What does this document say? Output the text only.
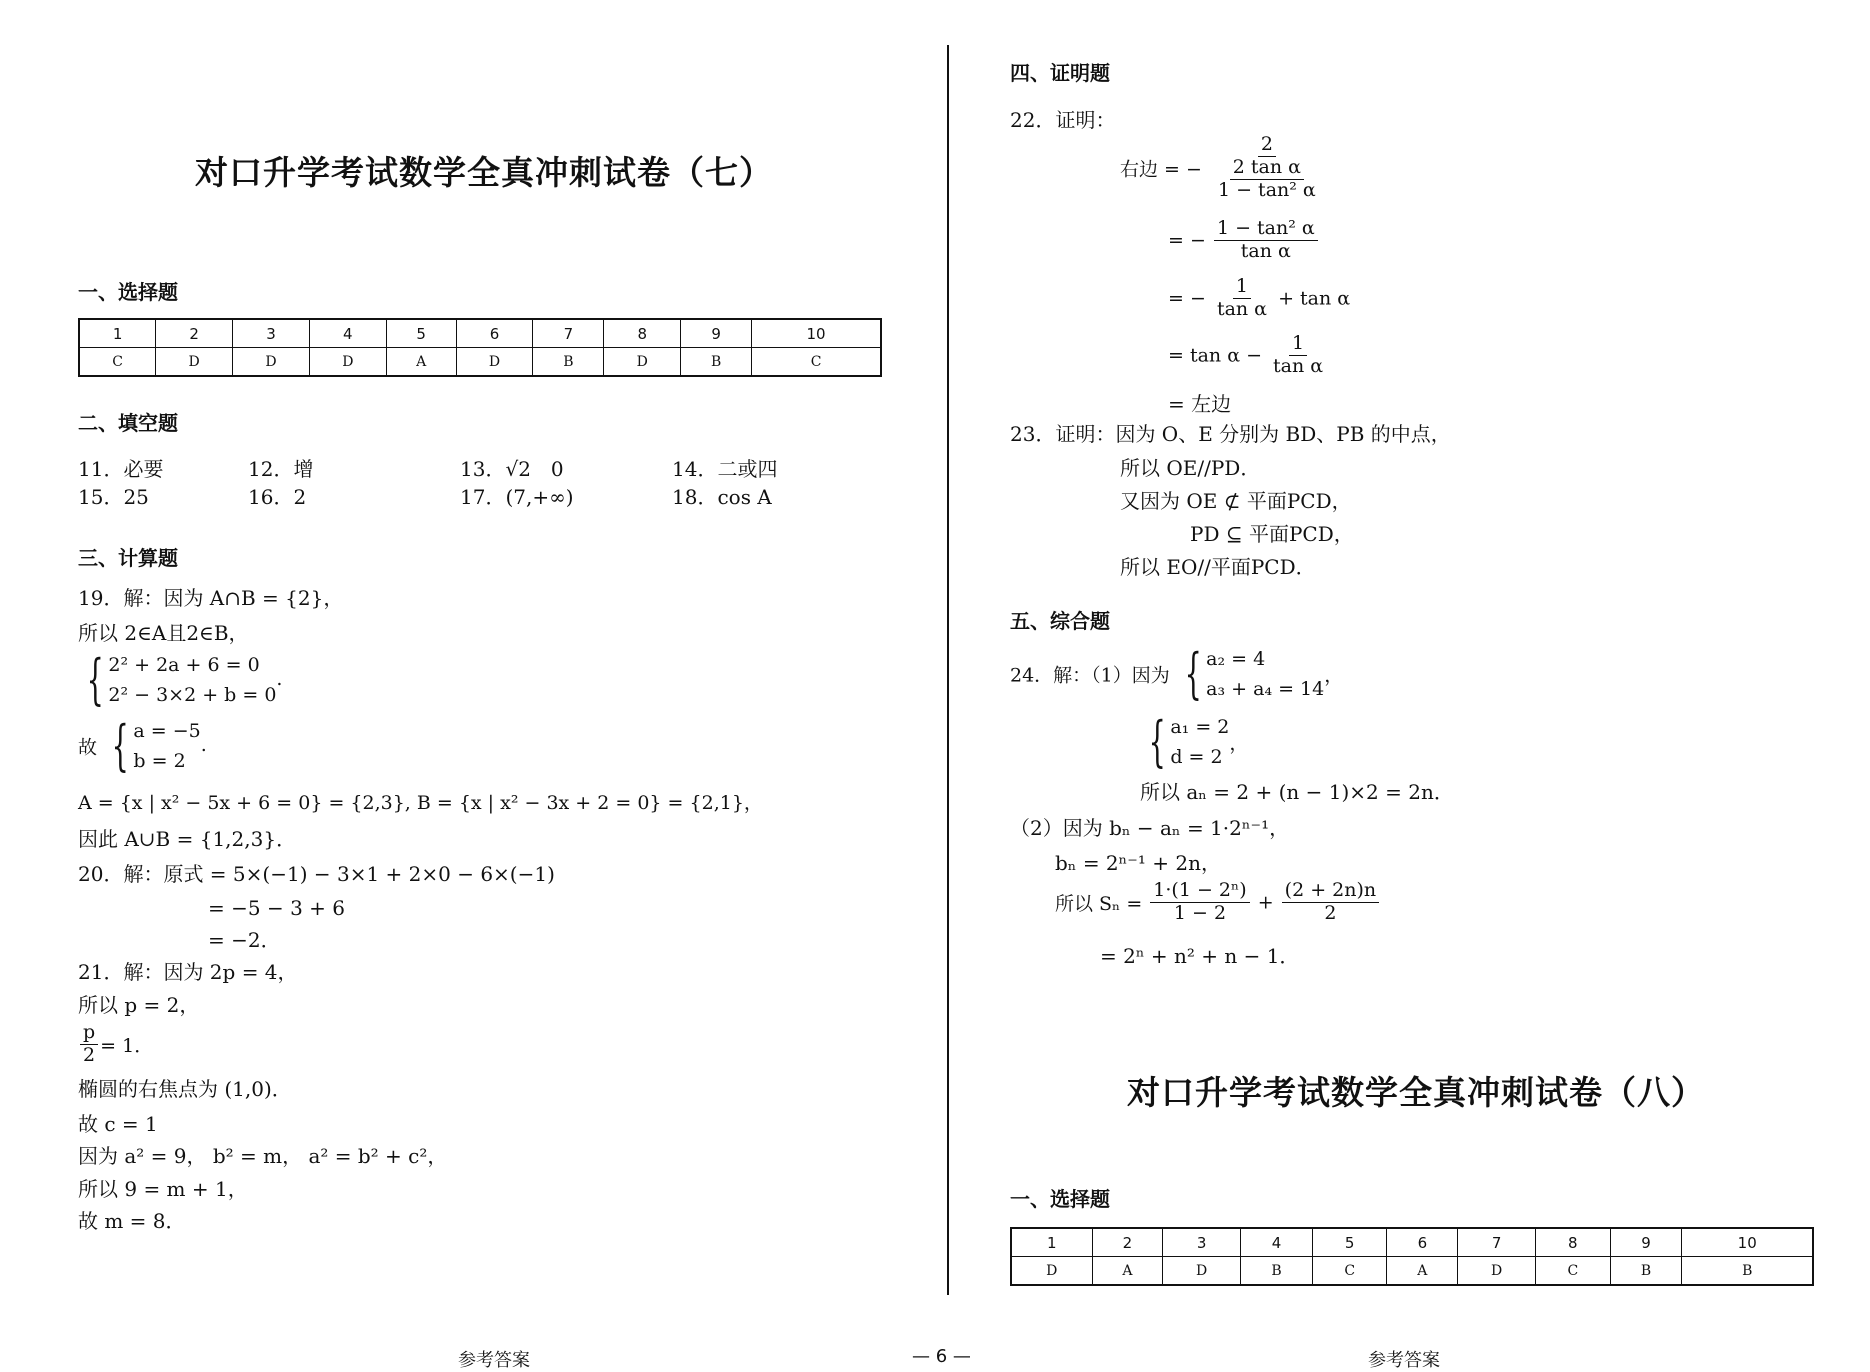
对口升学考试数学全真冲刺试卷（七）
一、选择题
1	2	3	4	5	6	7	8	9	10
C	D	D	D	A	D	B	D	B	C
二、填空题
11．必要	12．增	13．√2　0	14．二或四
15．25	16．2	17．(7,+∞)	18．cos A
三、计算题
19．解：因为 A∩B = {2}，
所以 2∈A且2∈B，
{ 2² + 2a + 6 = 0
2² − 3×2 + b = 0
.
故 { a = −5
b = 2
.
A = {x | x² − 5x + 6 = 0} = {2,3}, B = {x | x² − 3x + 2 = 0} = {2,1}，
因此 A∪B = {1,2,3}．
20．解：原式 = 5×(−1) − 3×1 + 2×0 − 6×(−1)
= −5 − 3 + 6
= −2．
21．解：因为 2p = 4，
所以 p = 2，
$\frac{p}{2} = 1$．
椭圆的右焦点为 (1,0)．
故 c = 1
因为 a² = 9， b² = m， a² = b² + c²，
所以 9 = m + 1，
故 m = 8．
四、证明题
22．证明：
右边 = − $\frac{2}{\frac{\text{2 tan α}}{\text{1 − tan² α}}}$
= − $\frac{\text{1 − tan² α}}{\text{tan α}}$
= − $\frac{1}{\text{tan α}} + \tan \alpha$
= $\tan \alpha - \frac{1}{\text{tan α}}$
= 左边
23．证明：因为 O、E 分别为 BD、PB 的中点，
所以 OE//PD．
又因为 OE ⊄ 平面PCD，
PD ⊆ 平面PCD，
所以 EO//平面PCD．
五、综合题
24．解：（1）因为 { a₂ = 4
a₃ + a₄ = 14
，
{ a₁ = 2
d = 2
，
所以 aₙ = 2 + (n − 1)×2 = 2n．
（2）因为 bₙ − aₙ = 1·2ⁿ⁻¹，
bₙ = 2ⁿ⁻¹ + 2n，
所以 $S_n = \frac{\text{1·(1 − 2ⁿ)}}{1 - 2} + \frac{(2 + 2n)n}{2}$
= 2ⁿ + n² + n − 1．
对口升学考试数学全真冲刺试卷（八）
一、选择题
1	2	3	4	5	6	7	8	9	10
D	A	D	B	C	A	D	C	B	B
参考答案	— 6 —	参考答案
